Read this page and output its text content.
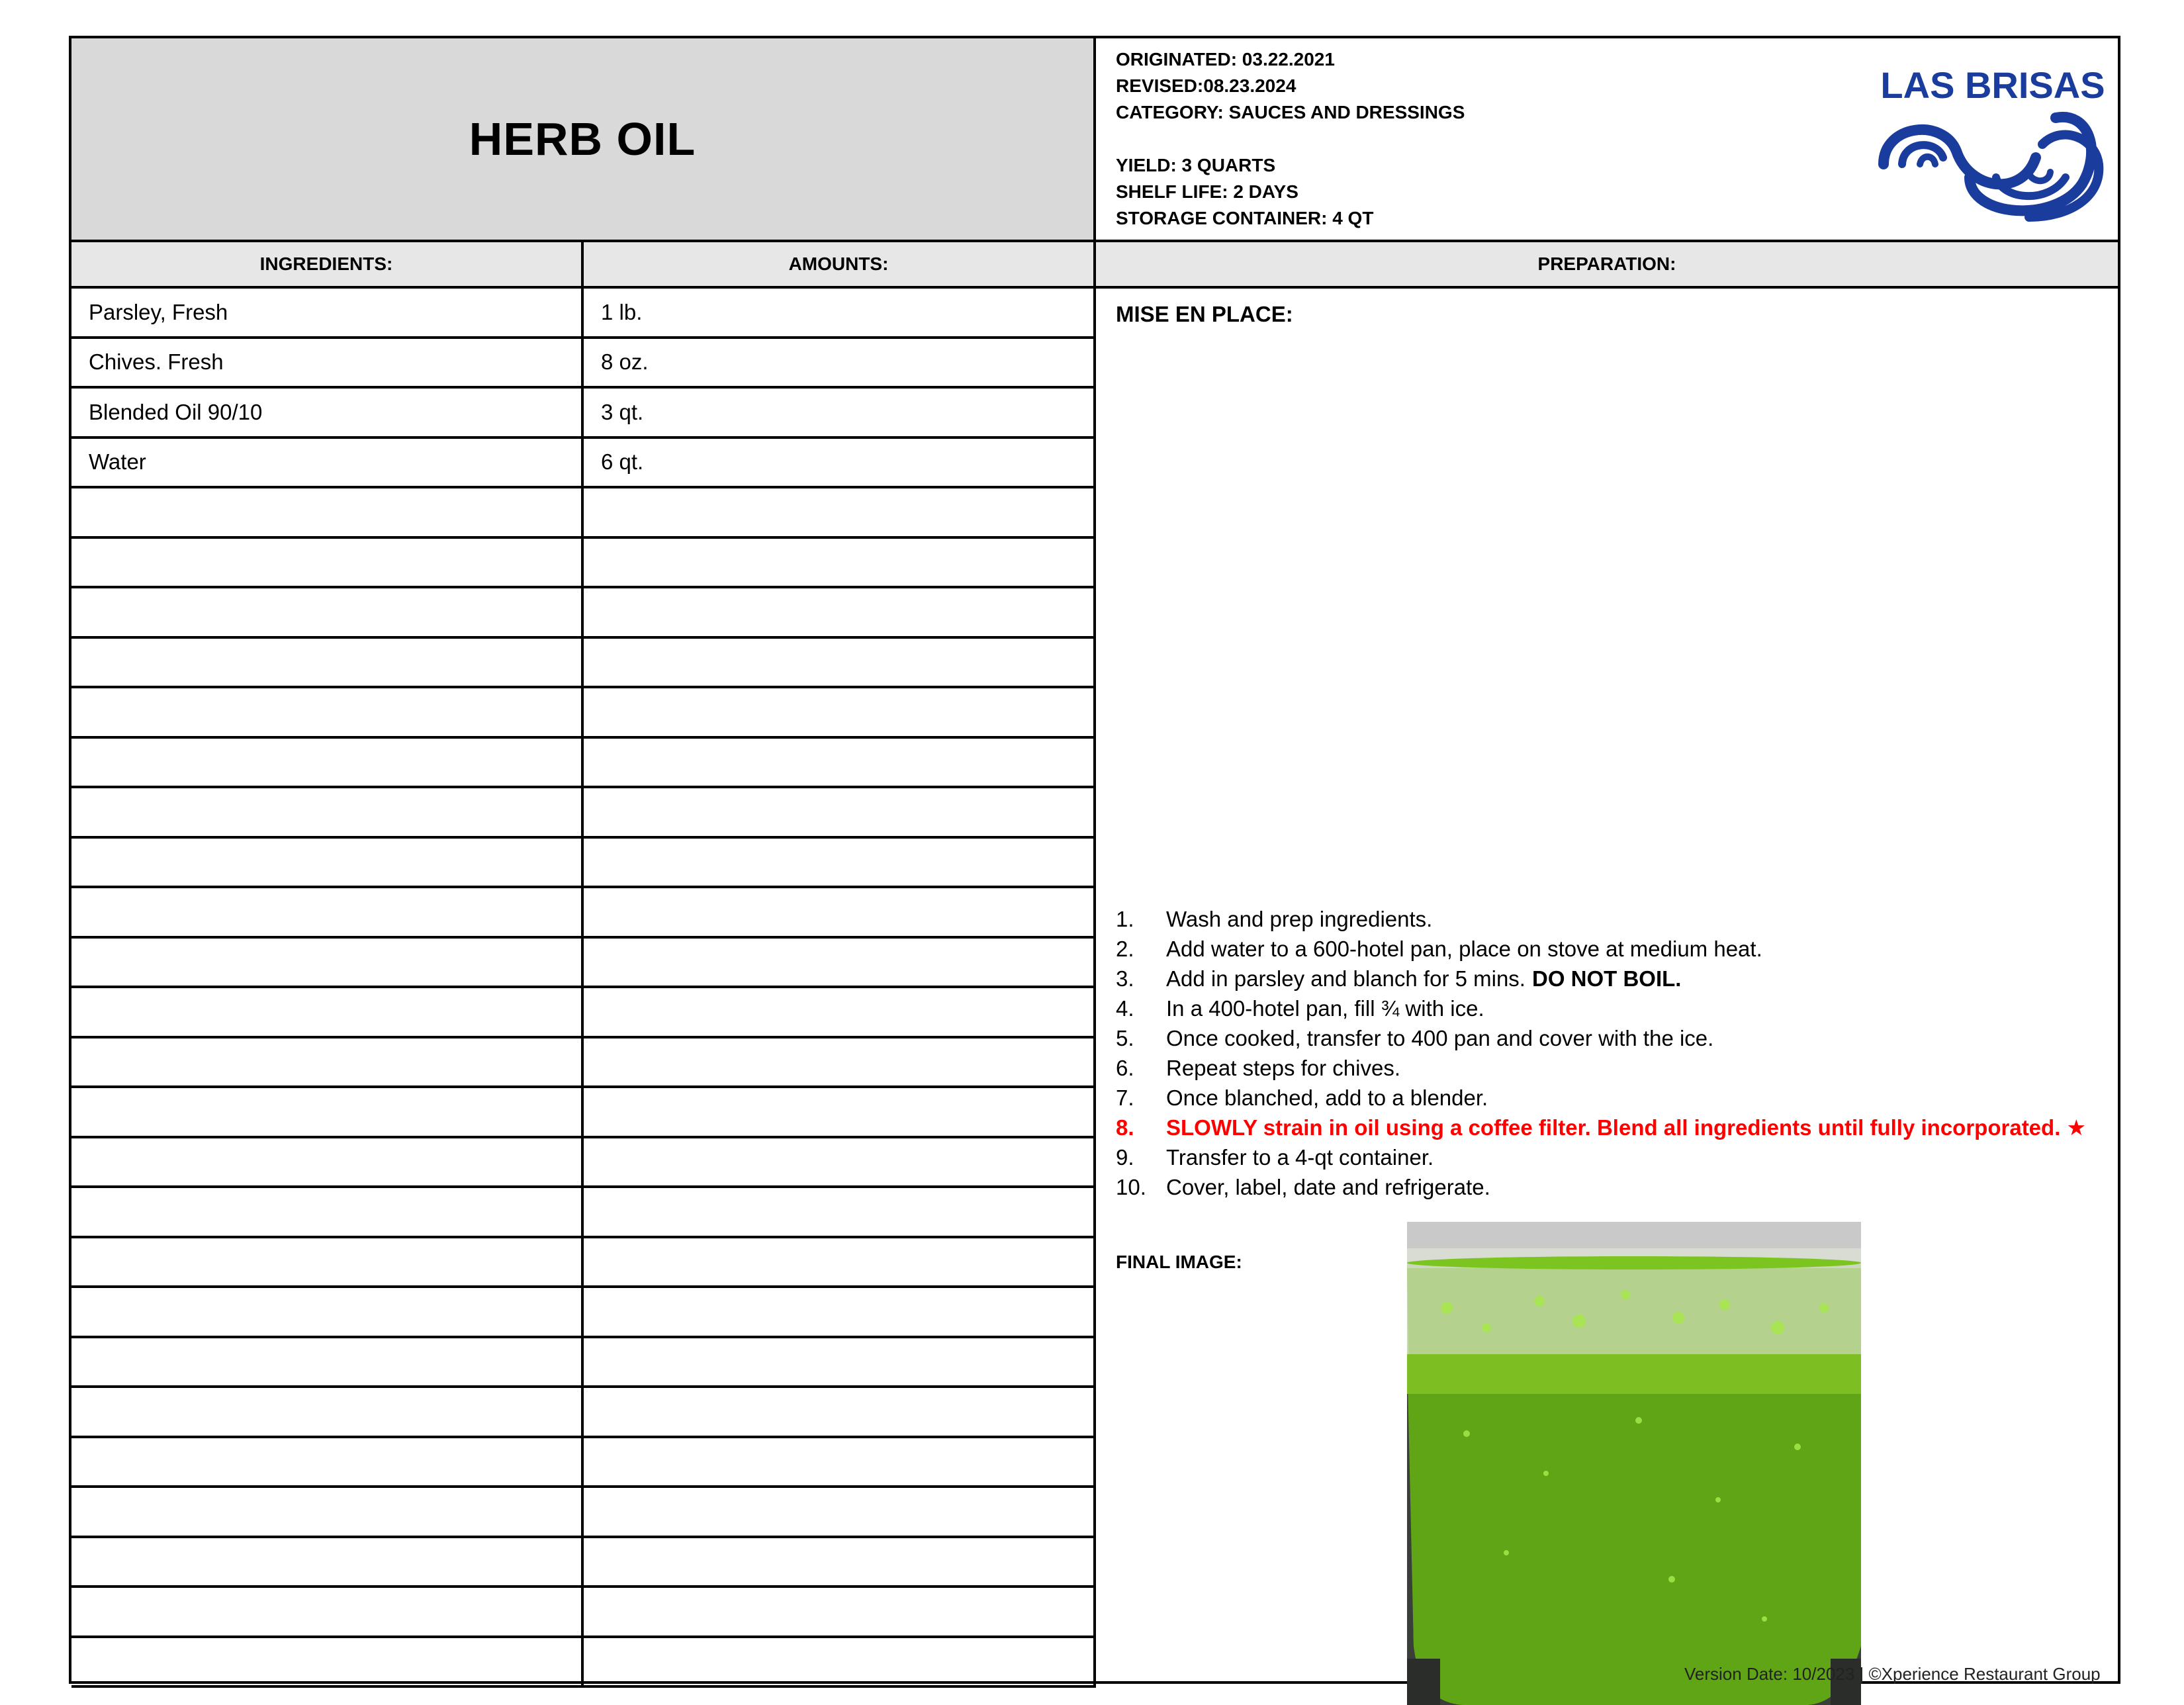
HERB OIL
ORIGINATED: 03.22.2021
REVISED:08.23.2024
CATEGORY: SAUCES AND DRESSINGS
YIELD: 3 QUARTS
SHELF LIFE: 2 DAYS
STORAGE CONTAINER: 4 QT
LAS BRISAS
INGREDIENTS:	AMOUNTS:	PREPARATION:
Parsley, Fresh	1 lb.
Chives. Fresh	8 oz.
Blended Oil 90/10	3 qt.
Water	6 qt.
MISE EN PLACE:
1.	Wash and prep ingredients.
2.	Add water to a 600-hotel pan, place on stove at medium heat.
3.	Add in parsley and blanch for 5 mins. DO NOT BOIL.
4.	In a 400-hotel pan, fill ¾ with ice.
5.	Once cooked, transfer to 400 pan and cover with the ice.
6.	Repeat steps for chives.
7.	Once blanched, add to a blender.
8.	SLOWLY strain in oil using a coffee filter. Blend all ingredients until fully incorporated. ★
9.	Transfer to a 4-qt container.
10. Cover, label, date and refrigerate.
FINAL IMAGE:
Version Date: 10/2023 | ©Xperience Restaurant Group
